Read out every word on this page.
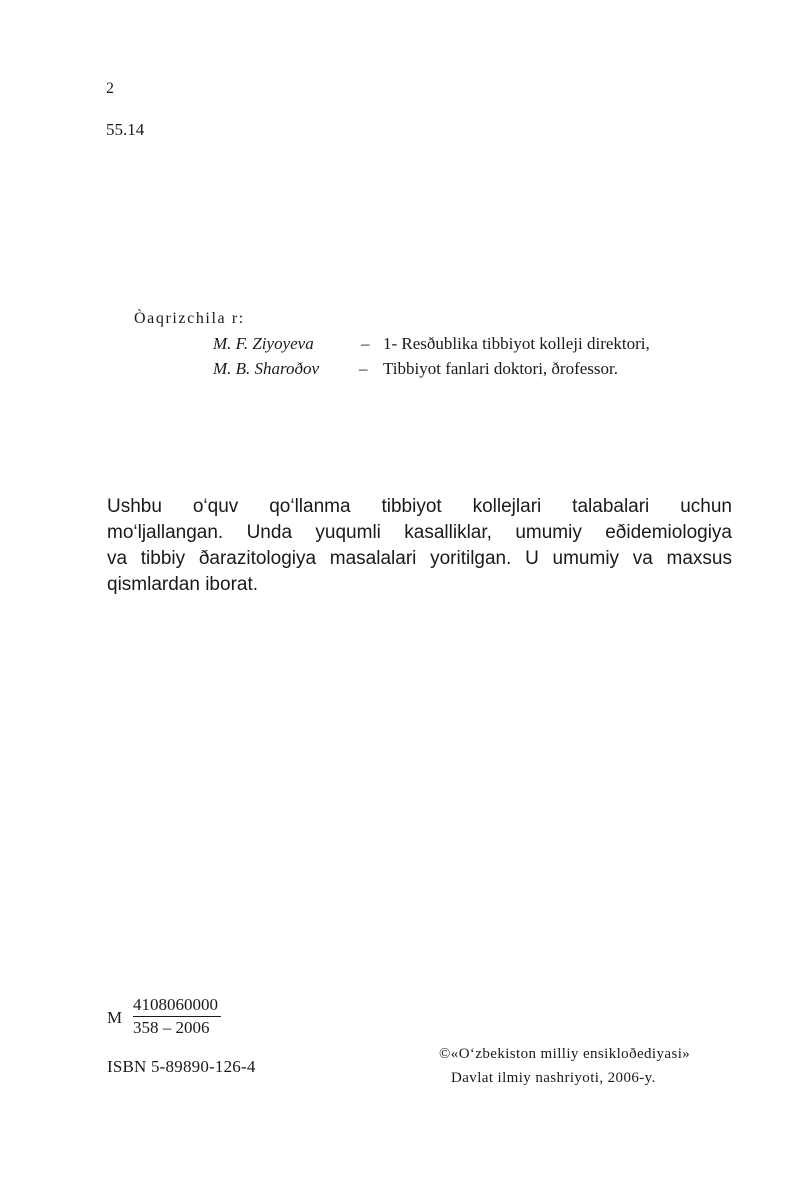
2
55.14
Òaqrizchila r:
M. F. Ziyoyeva	– 1- Resðublika tibbiyot kolleji direktori,
M. B. Sharoðov – Tibbiyot fanlari doktori, ðrofessor.
Ushbu o‘quv qo‘llanma tibbiyot kollejlari talabalari uchun
mo‘ljallangan. Unda yuqumli kasalliklar, umumiy eðidemiologiya
va tibbiy ðarazitologiya masalalari yoritilgan. U umumiy va maxsus
qismlardan iborat.
M $\frac{4108060000}{358 - 2006}$
ISBN 5-89890-126-4
©«O‘zbekiston milliy ensikloðediyasi»
Davlat ilmiy nashriyoti, 2006-y.
